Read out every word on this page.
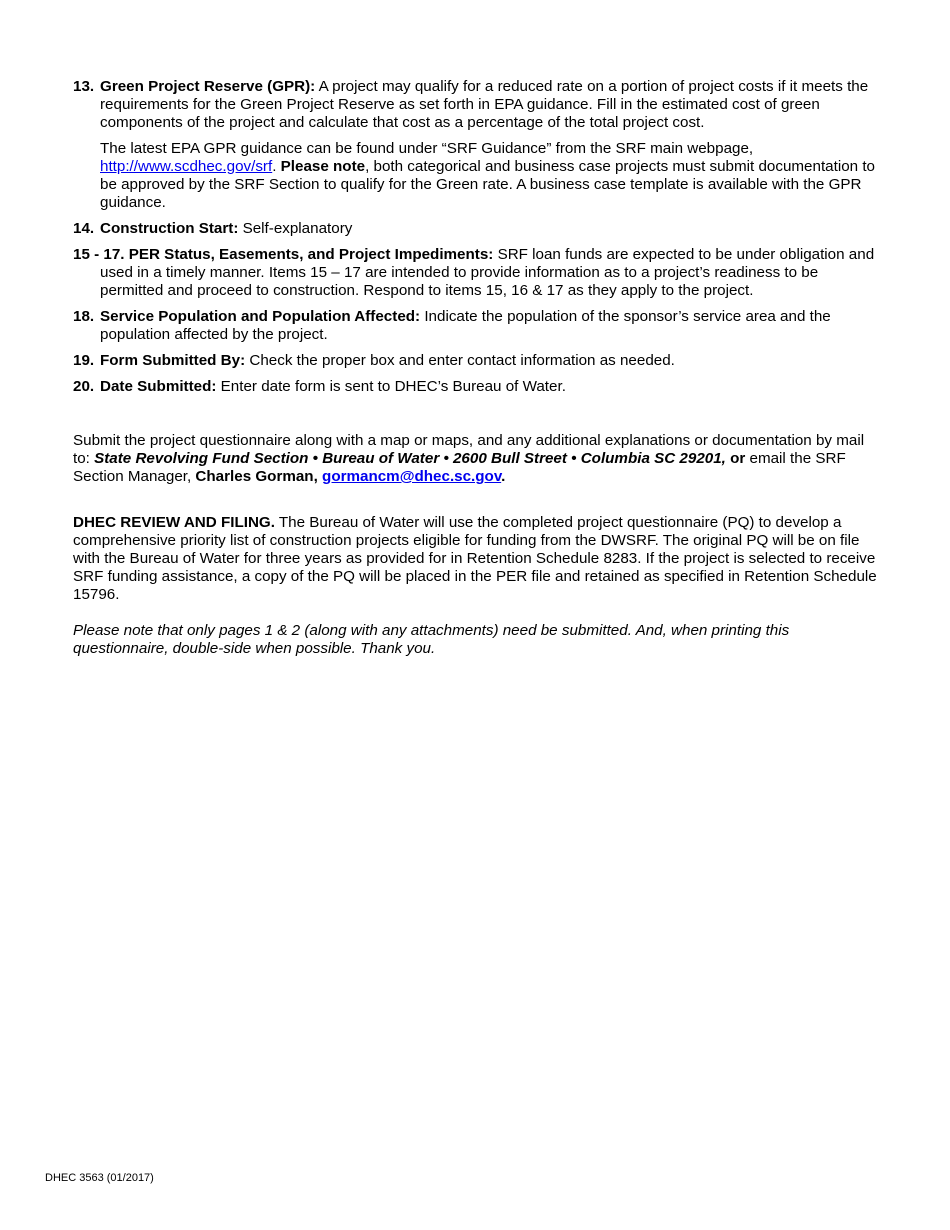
13. Green Project Reserve (GPR): A project may qualify for a reduced rate on a portion of project costs if it meets the requirements for the Green Project Reserve as set forth in EPA guidance. Fill in the estimated cost of green components of the project and calculate that cost as a percentage of the total project cost.
The latest EPA GPR guidance can be found under “SRF Guidance” from the SRF main webpage, http://www.scdhec.gov/srf. Please note, both categorical and business case projects must submit documentation to be approved by the SRF Section to qualify for the Green rate. A business case template is available with the GPR guidance.
14. Construction Start: Self-explanatory
15 - 17. PER Status, Easements, and Project Impediments: SRF loan funds are expected to be under obligation and used in a timely manner. Items 15 – 17 are intended to provide information as to a project’s readiness to be permitted and proceed to construction. Respond to items 15, 16 & 17 as they apply to the project.
18. Service Population and Population Affected: Indicate the population of the sponsor’s service area and the population affected by the project.
19. Form Submitted By: Check the proper box and enter contact information as needed.
20. Date Submitted: Enter date form is sent to DHEC’s Bureau of Water.

Submit the project questionnaire along with a map or maps, and any additional explanations or documentation by mail to: State Revolving Fund Section • Bureau of Water • 2600 Bull Street • Columbia SC 29201, or email the SRF Section Manager, Charles Gorman, gormancm@dhec.sc.gov.

DHEC REVIEW AND FILING. The Bureau of Water will use the completed project questionnaire (PQ) to develop a comprehensive priority list of construction projects eligible for funding from the DWSRF. The original PQ will be on file with the Bureau of Water for three years as provided for in Retention Schedule 8283. If the project is selected to receive SRF funding assistance, a copy of the PQ will be placed in the PER file and retained as specified in Retention Schedule 15796.

Please note that only pages 1 & 2 (along with any attachments) need be submitted. And, when printing this questionnaire, double-side when possible. Thank you.

DHEC 3563 (01/2017)
